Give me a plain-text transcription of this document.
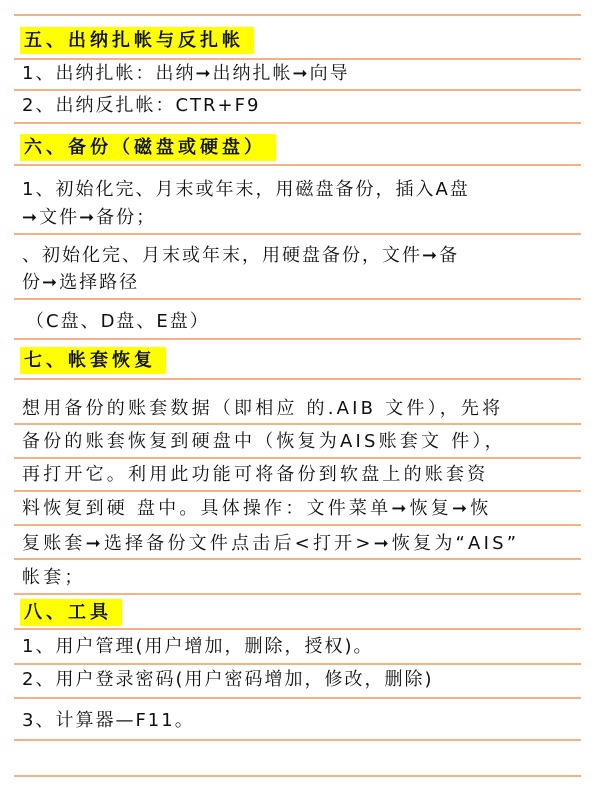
五、出纳扎帐与反扎帐
1、出纳扎帐：出纳➞出纳扎帐➞向导
2、出纳反扎帐：CTR+F9
六、备份（磁盘或硬盘）
1、初始化完、月末或年末，用磁盘备份，插入A盘
➞文件➞备份；
、初始化完、月末或年末，用硬盘备份，文件➞备
份➞选择路径
（C盘、D盘、E盘）
七、帐套恢复
想用备份的账套数据（即相应 的.AIB 文件），先将
备份的账套恢复到硬盘中（恢复为AIS账套文 件），
再打开它。利用此功能可将备份到软盘上的账套资
料恢复到硬 盘中。具体操作：文件菜单➞恢复➞恢
复账套➞选择备份文件点击后<打开>➞恢复为“AIS”
帐套；
八、工具
1、用户管理(用户增加，删除，授权)。
2、用户登录密码(用户密码增加，修改，删除)
3、计算器—F11。
